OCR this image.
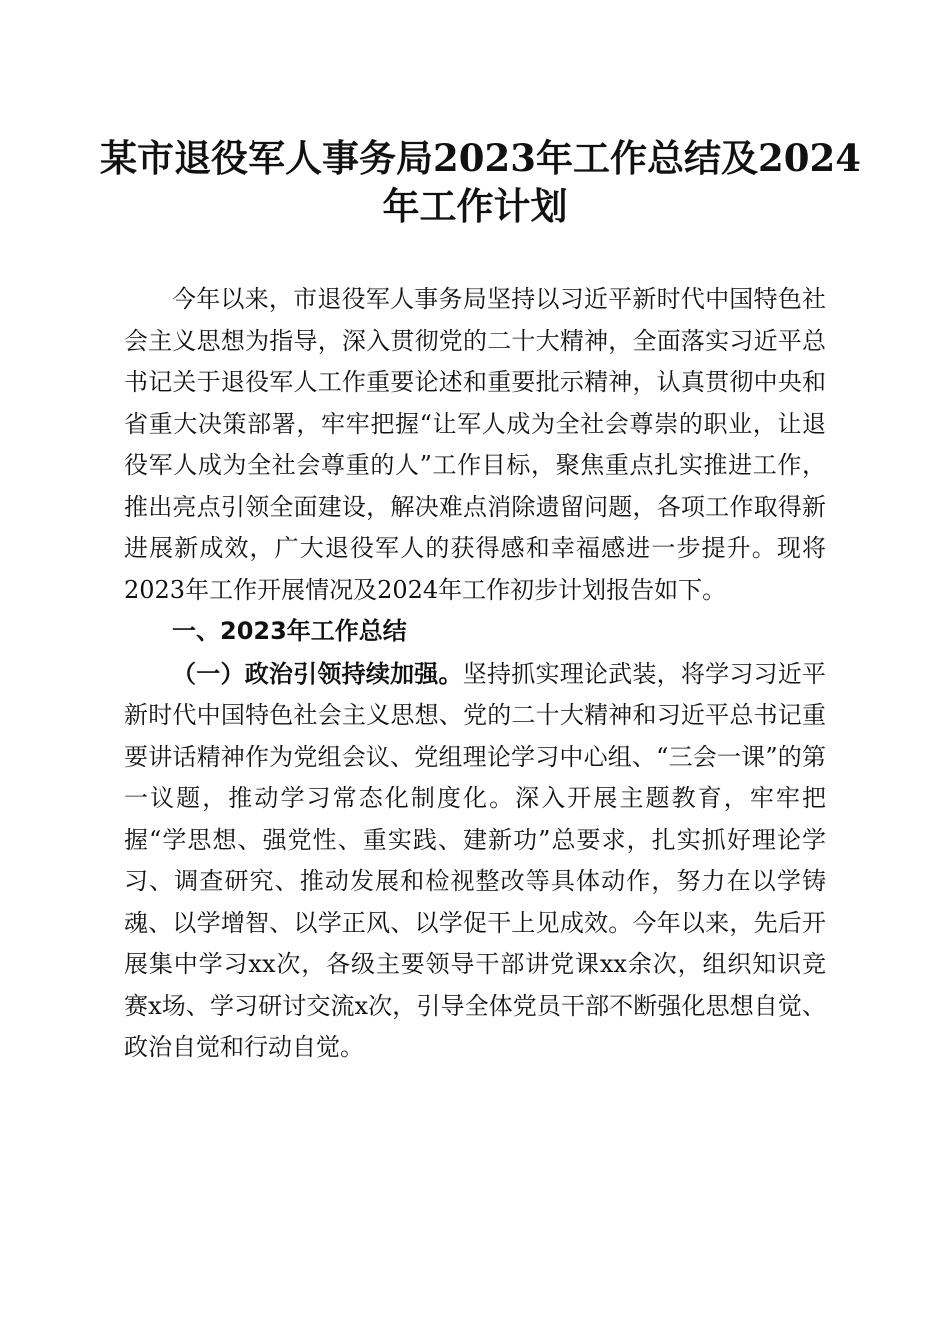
某市退役军人事务局2023年工作总结及2024
年工作计划

今年以来，市退役军人事务局坚持以习近平新时代中国特色社会主义思想为指导，深入贯彻党的二十大精神，全面落实习近平总书记关于退役军人工作重要论述和重要批示精神，认真贯彻中央和省重大决策部署，牢牢把握“让军人成为全社会尊崇的职业，让退役军人成为全社会尊重的人”工作目标，聚焦重点扎实推进工作，推出亮点引领全面建设，解决难点消除遗留问题，各项工作取得新进展新成效，广大退役军人的获得感和幸福感进一步提升。现将2023年工作开展情况及2024年工作初步计划报告如下。

一、2023年工作总结

（一）政治引领持续加强。坚持抓实理论武装，将学习习近平新时代中国特色社会主义思想、党的二十大精神和习近平总书记重要讲话精神作为党组会议、党组理论学习中心组、“三会一课”的第一议题，推动学习常态化制度化。深入开展主题教育，牢牢把握“学思想、强党性、重实践、建新功”总要求，扎实抓好理论学习、调查研究、推动发展和检视整改等具体动作，努力在以学铸魂、以学增智、以学正风、以学促干上见成效。今年以来，先后开展集中学习xx次，各级主要领导干部讲党课xx余次，组织知识竞赛x场、学习研讨交流x次，引导全体党员干部不断强化思想自觉、政治自觉和行动自觉。
